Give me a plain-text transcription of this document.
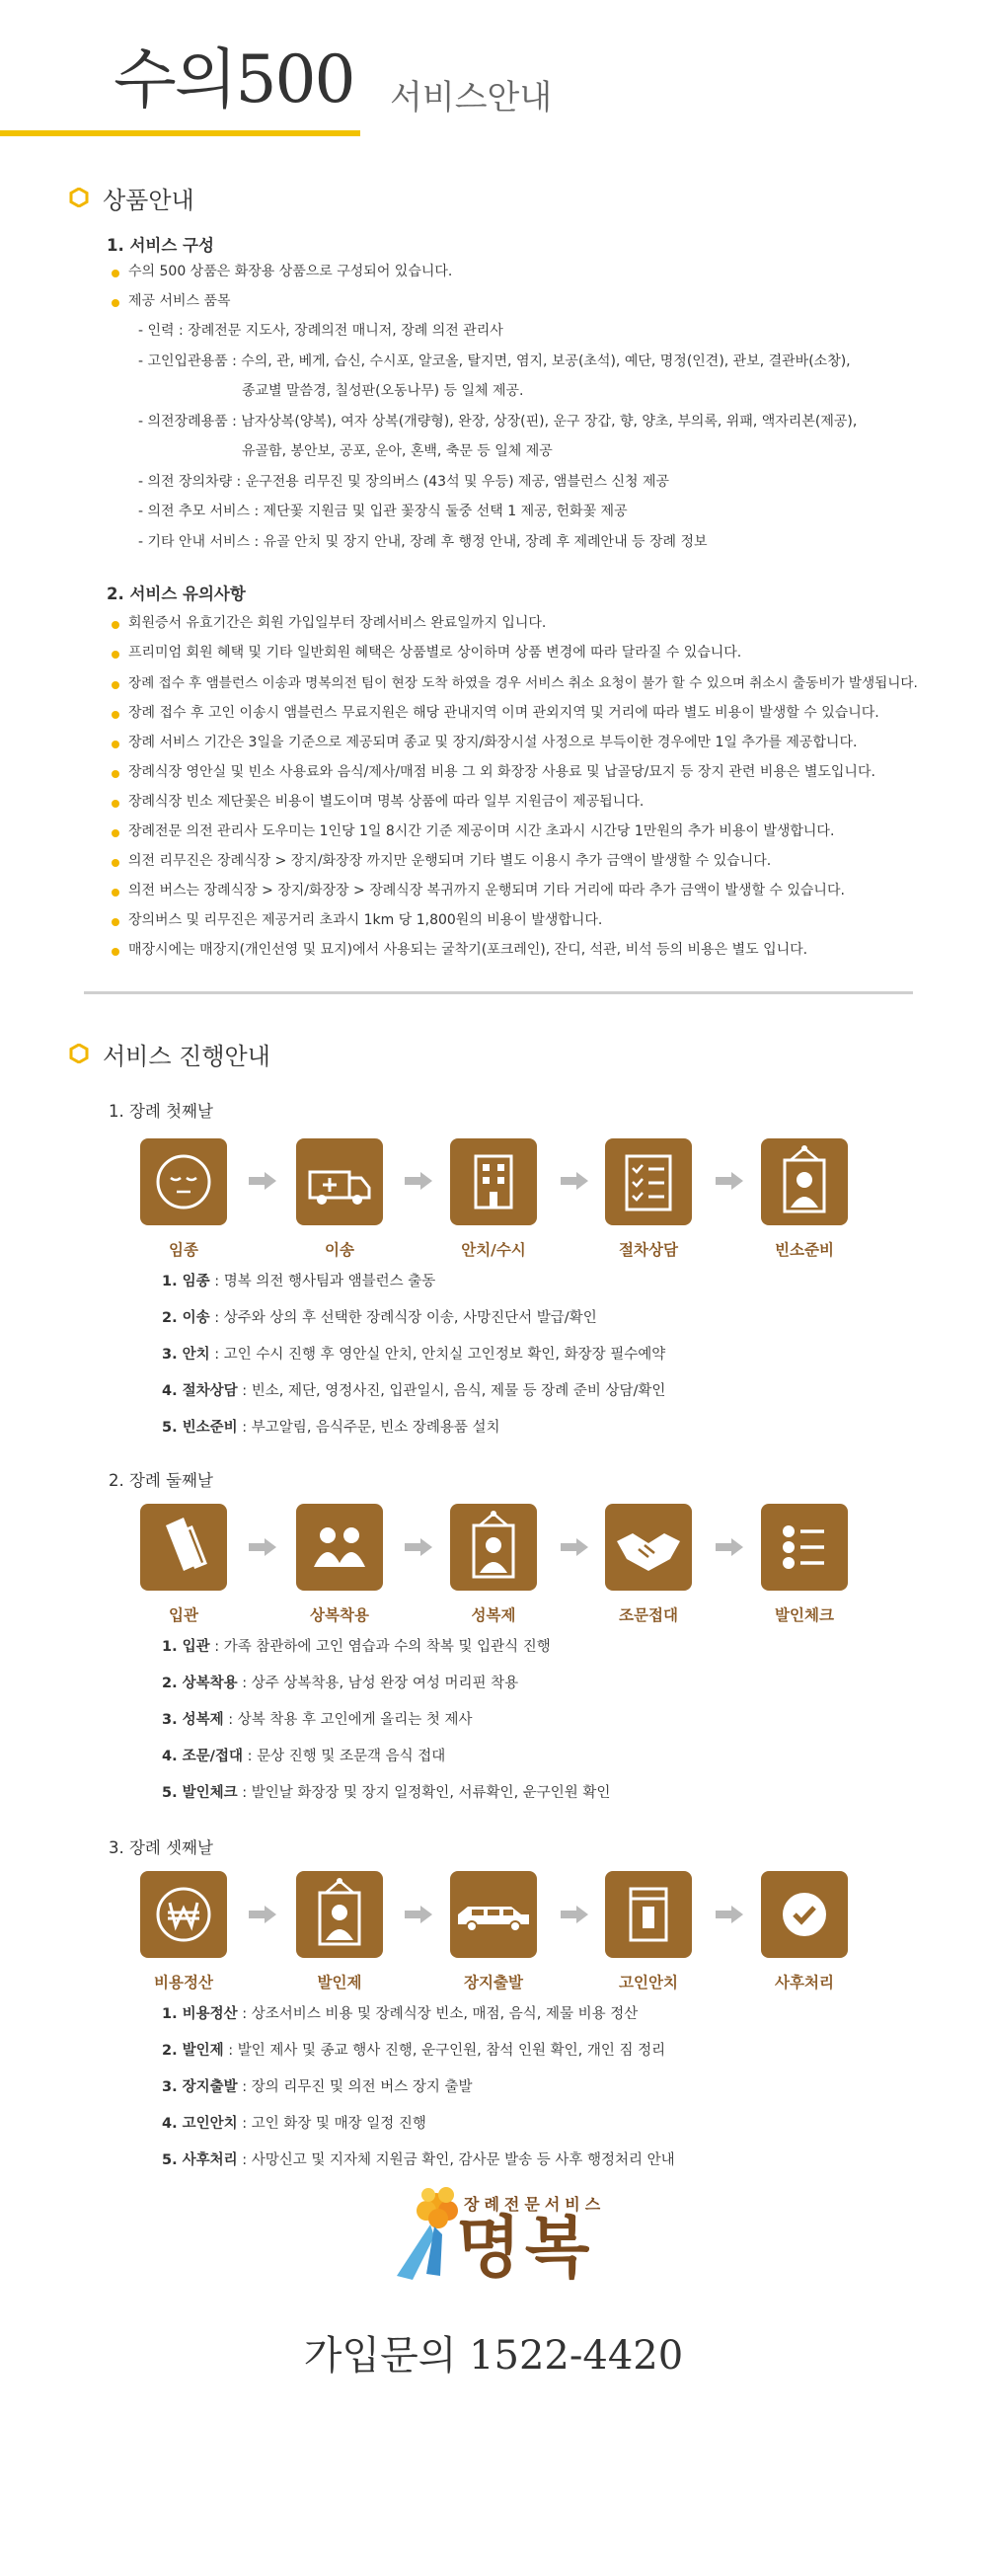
수의500 서비스안내
상품안내
1. 서비스 구성
수의 500 상품은 화장용 상품으로 구성되어 있습니다.
제공 서비스 품목
- 인력 : 장례전문 지도사, 장례의전 매니저, 장례 의전 관리사
- 고인입관용품 : 수의, 관, 베게, 습신, 수시포, 알코올, 탈지면, 염지, 보공(초석), 예단, 명정(인견), 관보, 결관바(소창),
종교별 말씀경, 칠성판(오동나무) 등 일체 제공.
- 의전장례용품 : 남자상복(양복), 여자 상복(개량형), 완장, 상장(핀), 운구 장갑, 향, 양초, 부의록, 위패, 액자리본(제공),
유골함, 봉안보, 공포, 운아, 혼백, 축문 등 일체 제공
- 의전 장의차량 : 운구전용 리무진 및 장의버스 (43석 및 우등) 제공, 앰블런스 신청 제공
- 의전 추모 서비스 : 제단꽃 지원금 및 입관 꽃장식 둘중 선택 1 제공, 헌화꽃 제공
- 기타 안내 서비스 : 유골 안치 및 장지 안내, 장례 후 행정 안내, 장례 후 제례안내 등 장례 정보
2. 서비스 유의사항
회원증서 유효기간은 회원 가입일부터 장례서비스 완료일까지 입니다.
프리미엄 회원 혜택 및 기타 일반회원 혜택은 상품별로 상이하며 상품 변경에 따라 달라질 수 있습니다.
장례 접수 후 앰블런스 이송과 명복의전 팀이 현장 도착 하였을 경우 서비스 취소 요청이 불가 할 수 있으며 취소시 출동비가 발생됩니다.
장례 접수 후 고인 이송시 앰블런스 무료지원은 해당 관내지역 이며 관외지역 및 거리에 따라 별도 비용이 발생할 수 있습니다.
장례 서비스 기간은 3일을 기준으로 제공되며 종교 및 장지/화장시설 사정으로 부득이한 경우에만 1일 추가를 제공합니다.
장례식장 영안실 및 빈소 사용료와 음식/제사/매점 비용 그 외 화장장 사용료 및 납골당/묘지 등 장지 관련 비용은 별도입니다.
장례식장 빈소 제단꽃은 비용이 별도이며 명복 상품에 따라 일부 지원금이 제공됩니다.
장례전문 의전 관리사 도우미는 1인당 1일 8시간 기준 제공이며 시간 초과시 시간당 1만원의 추가 비용이 발생합니다.
의전 리무진은 장례식장 > 장지/화장장 까지만 운행되며 기타 별도 이용시 추가 금액이 발생할 수 있습니다.
의전 버스는 장례식장 > 장지/화장장 > 장례식장 복귀까지 운행되며 기타 거리에 따라 추가 금액이 발생할 수 있습니다.
장의버스 및 리무진은 제공거리 초과시 1km 당 1,800원의 비용이 발생합니다.
매장시에는 매장지(개인선영 및 묘지)에서 사용되는 굴착기(포크레인), 잔디, 석관, 비석 등의 비용은 별도 입니다.
서비스 진행안내
1. 장례 첫째날
임종	이송	안치/수시	절차상담	빈소준비
1. 임종 : 명복 의전 행사팀과 앰블런스 출동
2. 이송 : 상주와 상의 후 선택한 장례식장 이송, 사망진단서 발급/확인
3. 안치 : 고인 수시 진행 후 영안실 안치, 안치실 고인정보 확인, 화장장 필수예약
4. 절차상담 : 빈소, 제단, 영정사진, 입관일시, 음식, 제물 등 장례 준비 상담/확인
5. 빈소준비 : 부고알림, 음식주문, 빈소 장례용품 설치
2. 장례 둘째날
입관	상복착용	성복제	조문접대	발인체크
1. 입관 : 가족 참관하에 고인 염습과 수의 착복 및 입관식 진행
2. 상복착용 : 상주 상복착용, 남성 완장 여성 머리핀 착용
3. 성복제 : 상복 착용 후 고인에게 올리는 첫 제사
4. 조문/접대 : 문상 진행 및 조문객 음식 접대
5. 발인체크 : 발인날 화장장 및 장지 일정확인, 서류확인, 운구인원 확인
3. 장례 셋째날
비용정산	발인제	장지출발	고인안치	사후처리
1. 비용정산 : 상조서비스 비용 및 장례식장 빈소, 매점, 음식, 제물 비용 정산
2. 발인제 : 발인 제사 및 종교 행사 진행, 운구인원, 참석 인원 확인, 개인 짐 정리
3. 장지출발 : 장의 리무진 및 의전 버스 장지 출발
4. 고인안치 : 고인 화장 및 매장 일정 진행
5. 사후처리 : 사망신고 및 지자체 지원금 확인, 감사문 발송 등 사후 행정처리 안내
장례전문서비스
명복
가입문의 1522-4420
